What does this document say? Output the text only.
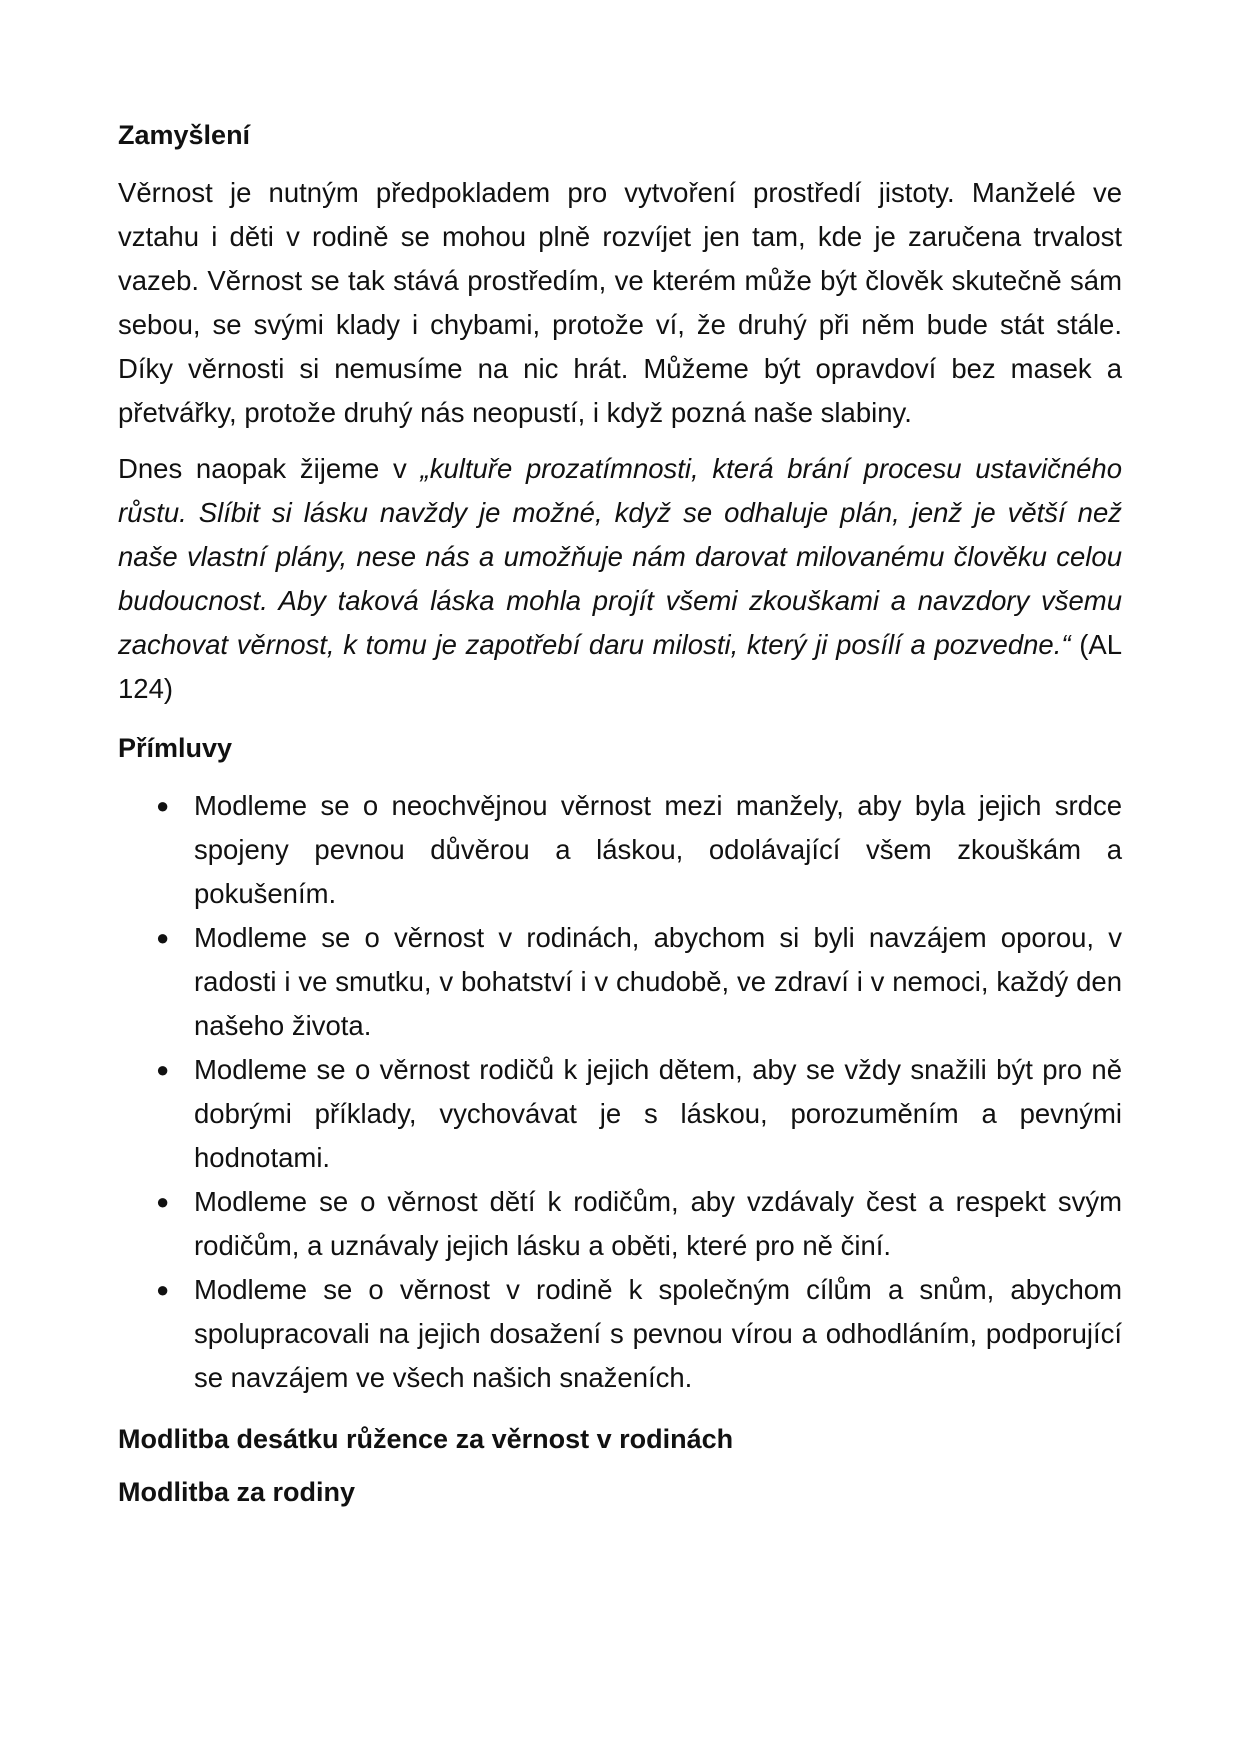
Zamyšlení

Věrnost je nutným předpokladem pro vytvoření prostředí jistoty. Manželé ve vztahu i děti v rodině se mohou plně rozvíjet jen tam, kde je zaručena trvalost vazeb. Věrnost se tak stává prostředím, ve kterém může být člověk skutečně sám sebou, se svými klady i chybami, protože ví, že druhý při něm bude stát stále. Díky věrnosti si nemusíme na nic hrát. Můžeme být opravdoví bez masek a přetvářky, protože druhý nás neopustí, i když pozná naše slabiny.

Dnes naopak žijeme v „kultuře prozatímnosti, která brání procesu ustavičného růstu. Slíbit si lásku navždy je možné, když se odhaluje plán, jenž je větší než naše vlastní plány, nese nás a umožňuje nám darovat milovanému člověku celou budoucnost. Aby taková láska mohla projít všemi zkouškami a navzdory všemu zachovat věrnost, k tomu je zapotřebí daru milosti, který ji posílí a pozvedne.“ (AL 124)

Přímluvy
● Modleme se o neochvějnou věrnost mezi manžely, aby byla jejich srdce spojeny pevnou důvěrou a láskou, odolávající všem zkouškám a pokušením.
● Modleme se o věrnost v rodinách, abychom si byli navzájem oporou, v radosti i ve smutku, v bohatství i v chudobě, ve zdraví i v nemoci, každý den našeho života.
● Modleme se o věrnost rodičů k jejich dětem, aby se vždy snažili být pro ně dobrými příklady, vychovávat je s láskou, porozuměním a pevnými hodnotami.
● Modleme se o věrnost dětí k rodičům, aby vzdávaly čest a respekt svým rodičům, a uznávaly jejich lásku a oběti, které pro ně činí.
● Modleme se o věrnost v rodině k společným cílům a snům, abychom spolupracovali na jejich dosažení s pevnou vírou a odhodláním, podporující se navzájem ve všech našich snaženích.
Modlitba desátku růžence za věrnost v rodinách
Modlitba za rodiny
